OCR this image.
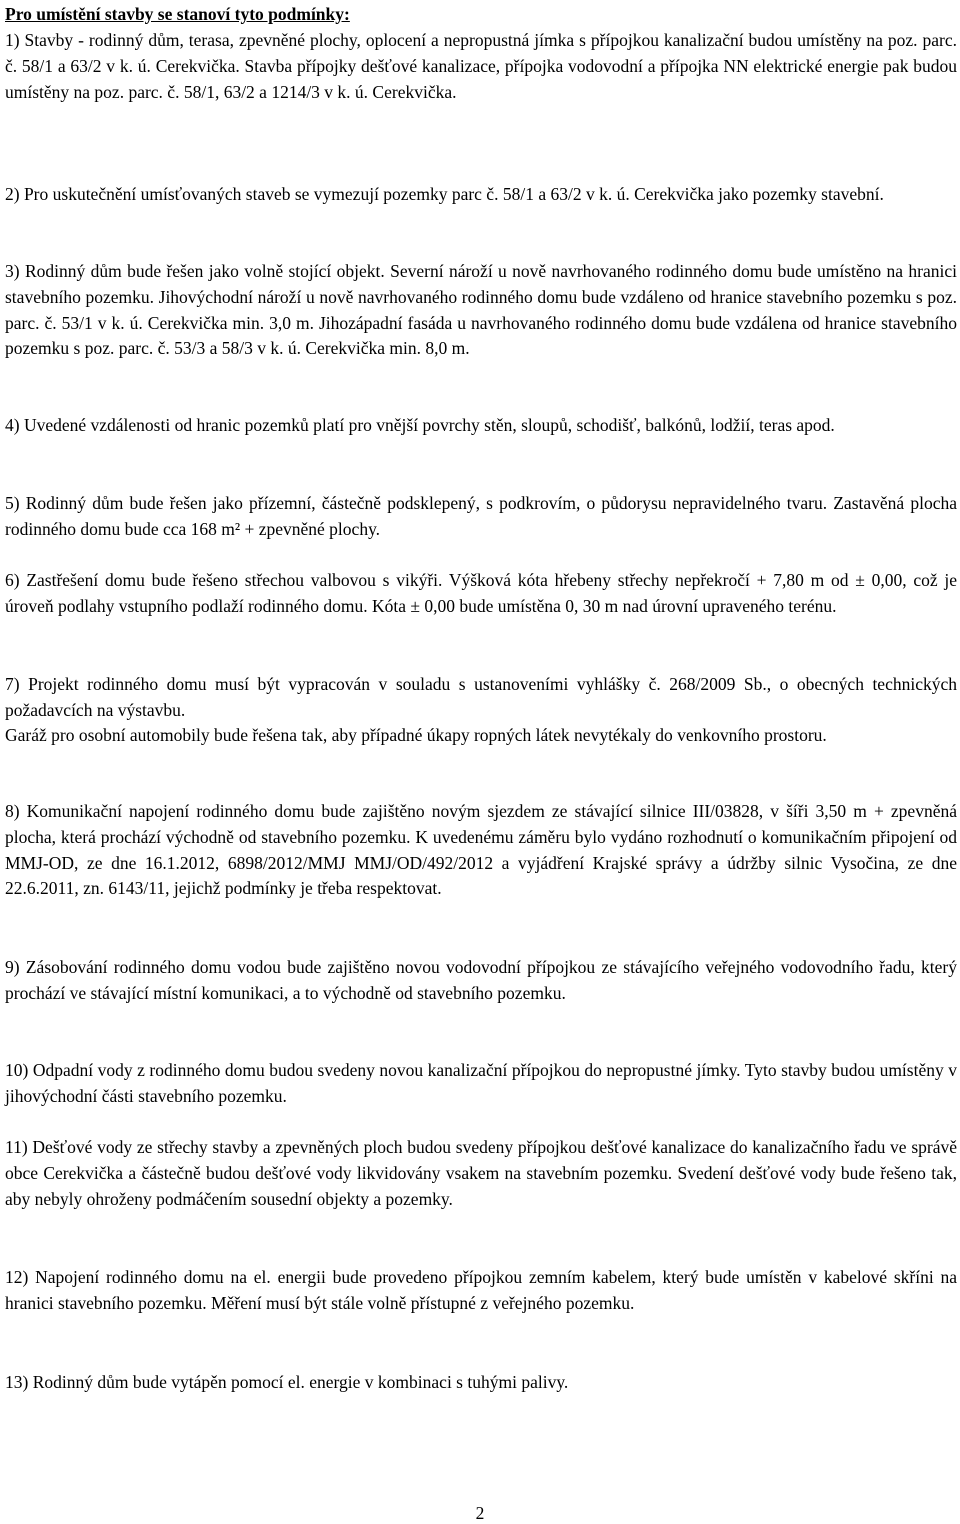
Pro umístění stavby se stanoví tyto podmínky:
1) Stavby - rodinný dům, terasa, zpevněné plochy, oplocení a nepropustná jímka s přípojkou kanalizační budou umístěny na poz. parc. č. 58/1 a 63/2 v k. ú. Cerekvička. Stavba přípojky dešťové kanalizace, přípojka vodovodní a přípojka NN elektrické energie pak budou umístěny na poz. parc. č. 58/1, 63/2 a 1214/3 v k. ú. Cerekvička.
2) Pro uskutečnění umísťovaných staveb se vymezují pozemky parc č. 58/1 a 63/2 v k. ú. Cerekvička jako pozemky stavební.
3) Rodinný dům bude řešen jako volně stojící objekt. Severní nároží u nově navrhovaného rodinného domu bude umístěno na hranici stavebního pozemku. Jihovýchodní nároží u nově navrhovaného rodinného domu bude vzdáleno od hranice stavebního pozemku s poz. parc. č. 53/1 v k. ú. Cerekvička min. 3,0 m. Jihozápadní fasáda u navrhovaného rodinného domu bude vzdálena od hranice stavebního pozemku s poz. parc. č. 53/3 a 58/3 v k. ú. Cerekvička min. 8,0 m.
4) Uvedené vzdálenosti od hranic pozemků platí pro vnější povrchy stěn, sloupů, schodišť, balkónů, lodžií, teras apod.
5) Rodinný dům bude řešen jako přízemní, částečně podsklepený, s podkrovím, o půdorysu nepravidelného tvaru. Zastavěná plocha rodinného domu bude cca 168 m² + zpevněné plochy.
6) Zastřešení domu bude řešeno střechou valbovou s vikýři. Výšková kóta hřebeny střechy nepřekročí + 7,80 m od ± 0,00, což je úroveň podlahy vstupního podlaží rodinného domu. Kóta ± 0,00 bude umístěna 0, 30 m nad úrovní upraveného terénu.
7) Projekt rodinného domu musí být vypracován v souladu s ustanoveními vyhlášky č. 268/2009 Sb., o obecných technických požadavcích na výstavbu.
Garáž pro osobní automobily bude řešena tak, aby případné úkapy ropných látek nevytékaly do venkovního prostoru.
8) Komunikační napojení rodinného domu bude zajištěno novým sjezdem ze stávající silnice III/03828, v šíři 3,50 m + zpevněná plocha, která prochází východně od stavebního pozemku. K uvedenému záměru bylo vydáno rozhodnutí o komunikačním připojení od MMJ-OD, ze dne 16.1.2012, 6898/2012/MMJ MMJ/OD/492/2012 a vyjádření Krajské správy a údržby silnic Vysočina, ze dne 22.6.2011, zn. 6143/11, jejichž podmínky je třeba respektovat.
9) Zásobování rodinného domu vodou bude zajištěno novou vodovodní přípojkou ze stávajícího veřejného vodovodního řadu, který prochází ve stávající místní komunikaci, a to východně od stavebního pozemku.
10) Odpadní vody z rodinného domu budou svedeny novou kanalizační přípojkou do nepropustné jímky. Tyto stavby budou umístěny v jihovýchodní části stavebního pozemku.
11) Dešťové vody ze střechy stavby a zpevněných ploch budou svedeny přípojkou dešťové kanalizace do kanalizačního řadu ve správě obce Cerekvička a částečně budou dešťové vody likvidovány vsakem na stavebním pozemku. Svedení dešťové vody bude řešeno tak, aby nebyly ohroženy podmáčením sousední objekty a pozemky.
12) Napojení rodinného domu na el. energii bude provedeno přípojkou zemním kabelem, který bude umístěn v kabelové skříni na hranici stavebního pozemku. Měření musí být stále volně přístupné z veřejného pozemku.
13) Rodinný dům bude vytápěn pomocí el. energie v kombinaci s tuhými palivy.
2
